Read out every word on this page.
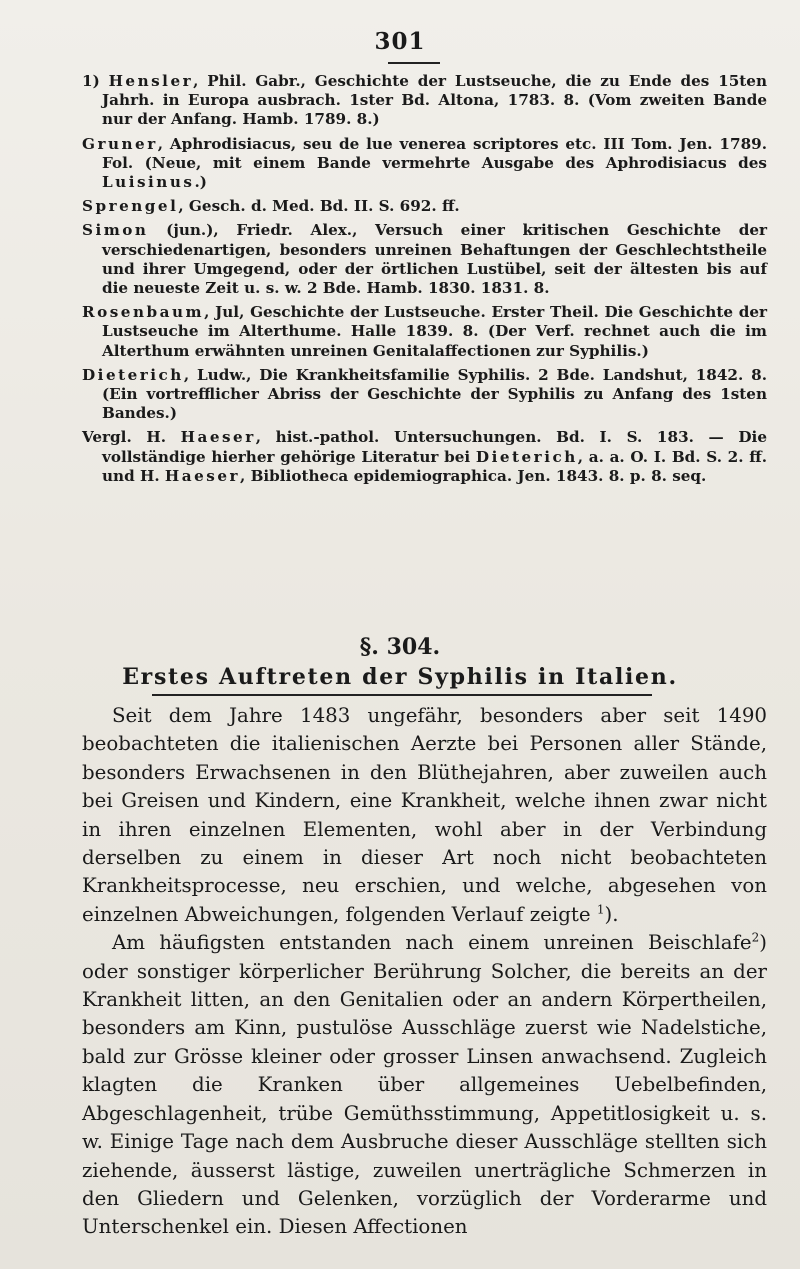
301

1) Hensler, Phil. Gabr., Geschichte der Lustseuche, die zu Ende des 15ten Jahrh. in Europa ausbrach. 1ster Bd. Altona, 1783. 8. (Vom zweiten Bande nur der Anfang. Hamb. 1789. 8.)

Gruner, Aphrodisiacus, seu de lue venerea scriptores etc. III Tom. Jen. 1789. Fol. (Neue, mit einem Bande vermehrte Ausgabe des Aphrodisiacus des Luisinus.)

Sprengel, Gesch. d. Med. Bd. II. S. 692. ff.

Simon (jun.), Friedr. Alex., Versuch einer kritischen Geschichte der verschiedenartigen, besonders unreinen Behaftungen der Geschlechtstheile und ihrer Umgegend, oder der örtlichen Lustübel, seit der ältesten bis auf die neueste Zeit u. s. w. 2 Bde. Hamb. 1830. 1831. 8.

Rosenbaum, Jul, Geschichte der Lustseuche. Erster Theil. Die Geschichte der Lustseuche im Alterthume. Halle 1839. 8. (Der Verf. rechnet auch die im Alterthum erwähnten unreinen Genitalaffectionen zur Syphilis.)

Dieterich, Ludw., Die Krankheitsfamilie Syphilis. 2 Bde. Landshut, 1842. 8. (Ein vortrefflicher Abriss der Geschichte der Syphilis zu Anfang des 1sten Bandes.)

Vergl. H. Haeser, hist.-pathol. Untersuchungen. Bd. I. S. 183. — Die vollständige hierher gehörige Literatur bei Dieterich, a. a. O. I. Bd. S. 2. ff. und H. Haeser, Bibliotheca epidemiographica. Jen. 1843. 8. p. 8. seq.

§. 304.
Erstes Auftreten der Syphilis in Italien.

Seit dem Jahre 1483 ungefähr, besonders aber seit 1490 beobachteten die italienischen Aerzte bei Personen aller Stände, besonders Erwachsenen in den Blüthejahren, aber zuweilen auch bei Greisen und Kindern, eine Krankheit, welche ihnen zwar nicht in ihren einzelnen Elementen, wohl aber in der Verbindung derselben zu einem in dieser Art noch nicht beobachteten Krankheitsprocesse, neu erschien, und welche, abgesehen von einzelnen Abweichungen, folgenden Verlauf zeigte $^1$).

Am häufigsten entstanden nach einem unreinen Beischlafe$^2$) oder sonstiger körperlicher Berührung Solcher, die bereits an der Krankheit litten, an den Genitalien oder an andern Körpertheilen, besonders am Kinn, pustulöse Ausschläge zuerst wie Nadelstiche, bald zur Grösse kleiner oder grosser Linsen anwachsend. Zugleich klagten die Kranken über allgemeines Uebelbefinden, Abgeschlagenheit, trübe Gemüthsstimmung, Appetitlosigkeit u. s. w. Einige Tage nach dem Ausbruche dieser Ausschläge stellten sich ziehende, äusserst lästige, zuweilen unerträgliche Schmerzen in den Gliedern und Gelenken, vorzüglich der Vorderarme und Unterschenkel ein. Diesen Affectionen
